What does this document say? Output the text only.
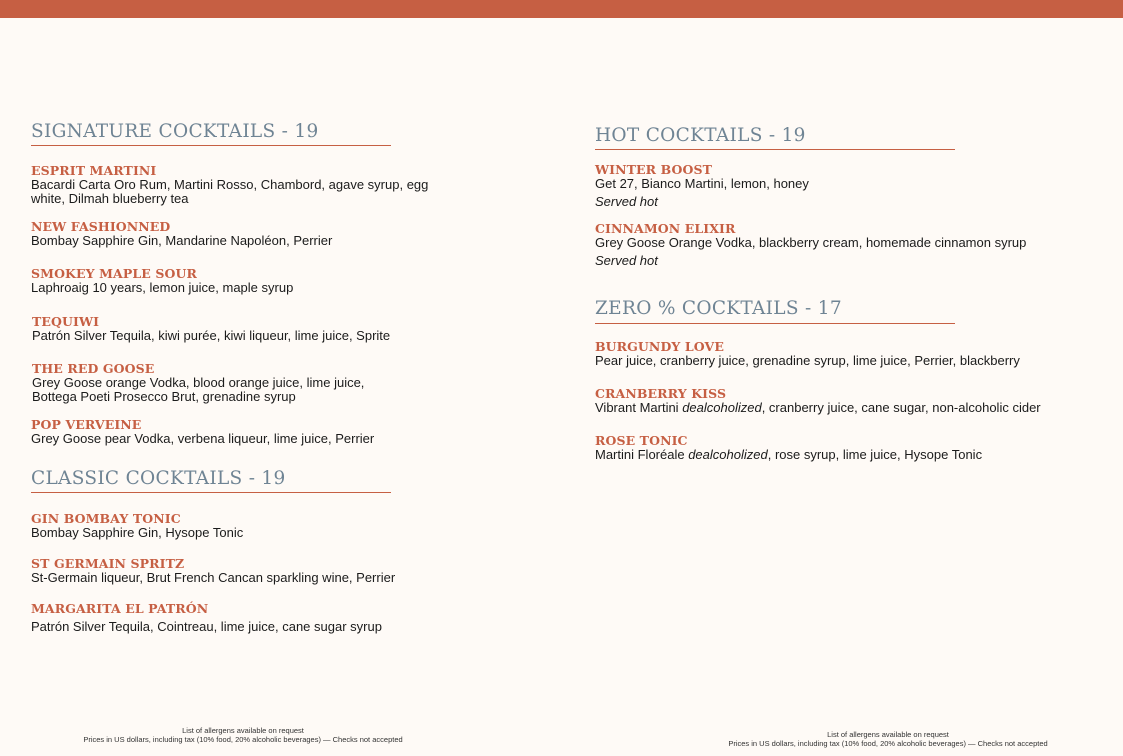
SIGNATURE COCKTAILS - 19
ESPRIT MARTINI
Bacardi Carta Oro Rum, Martini Rosso, Chambord, agave syrup, egg white, Dilmah blueberry tea
NEW FASHIONNED
Bombay Sapphire Gin, Mandarine Napoléon, Perrier
SMOKEY MAPLE SOUR
Laphroaig 10 years, lemon juice, maple syrup
TEQUIWI
Patrón Silver Tequila, kiwi purée, kiwi liqueur, lime juice, Sprite
THE RED GOOSE
Grey Goose orange Vodka, blood orange juice, lime juice, Bottega Poeti Prosecco Brut, grenadine syrup
POP VERVEINE
Grey Goose pear Vodka, verbena liqueur, lime juice, Perrier
CLASSIC COCKTAILS - 19
GIN BOMBAY TONIC
Bombay Sapphire Gin, Hysope Tonic
ST GERMAIN SPRITZ
St-Germain liqueur, Brut French Cancan sparkling wine, Perrier
MARGARITA EL PATRÓN
Patrón Silver Tequila, Cointreau, lime juice, cane sugar syrup
List of allergens available on request
Prices in US dollars, including tax (10% food, 20% alcoholic beverages) — Checks not accepted
HOT COCKTAILS - 19
WINTER BOOST
Get 27, Bianco Martini, lemon, honey
Served hot
CINNAMON ELIXIR
Grey Goose Orange Vodka, blackberry cream, homemade cinnamon syrup
Served hot
ZERO % COCKTAILS - 17
BURGUNDY LOVE
Pear juice, cranberry juice, grenadine syrup, lime juice, Perrier, blackberry
CRANBERRY KISS
Vibrant Martini dealcoholized, cranberry juice, cane sugar, non-alcoholic cider
ROSE TONIC
Martini Floréale dealcoholized, rose syrup, lime juice, Hysope Tonic
List of allergens available on request
Prices in US dollars, including tax (10% food, 20% alcoholic beverages) — Checks not accepted
